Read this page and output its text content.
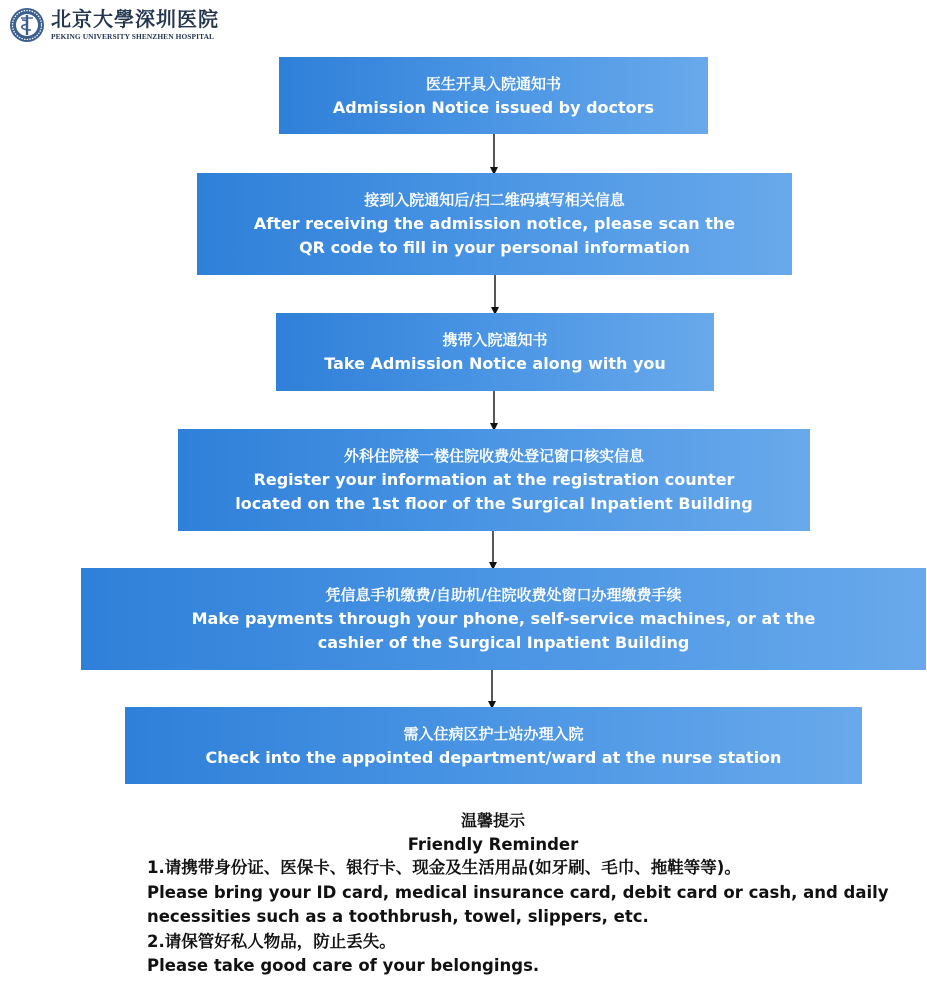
北京大學深圳医院
PEKING UNIVERSITY SHENZHEN HOSPITAL
医生开具入院通知书
Admission Notice issued by doctors
接到入院通知后/扫二维码填写相关信息
After receiving the admission notice, please scan the
QR code to fill in your personal information
携带入院通知书
Take Admission Notice along with you
外科住院楼一楼住院收费处登记窗口核实信息
Register your information at the registration counter
located on the 1st floor of the Surgical Inpatient Building
凭信息手机缴费/自助机/住院收费处窗口办理缴费手续
Make payments through your phone, self-service machines, or at the
cashier of the Surgical Inpatient Building
需入住病区护士站办理入院
Check into the appointed department/ward at the nurse station
温馨提示
Friendly Reminder
1.请携带身份证、医保卡、银行卡、现金及生活用品(如牙刷、毛巾、拖鞋等等)。
Please bring your ID card, medical insurance card, debit card or cash, and daily
necessities such as a toothbrush, towel, slippers, etc.
2.请保管好私人物品，防止丢失。
Please take good care of your belongings.
